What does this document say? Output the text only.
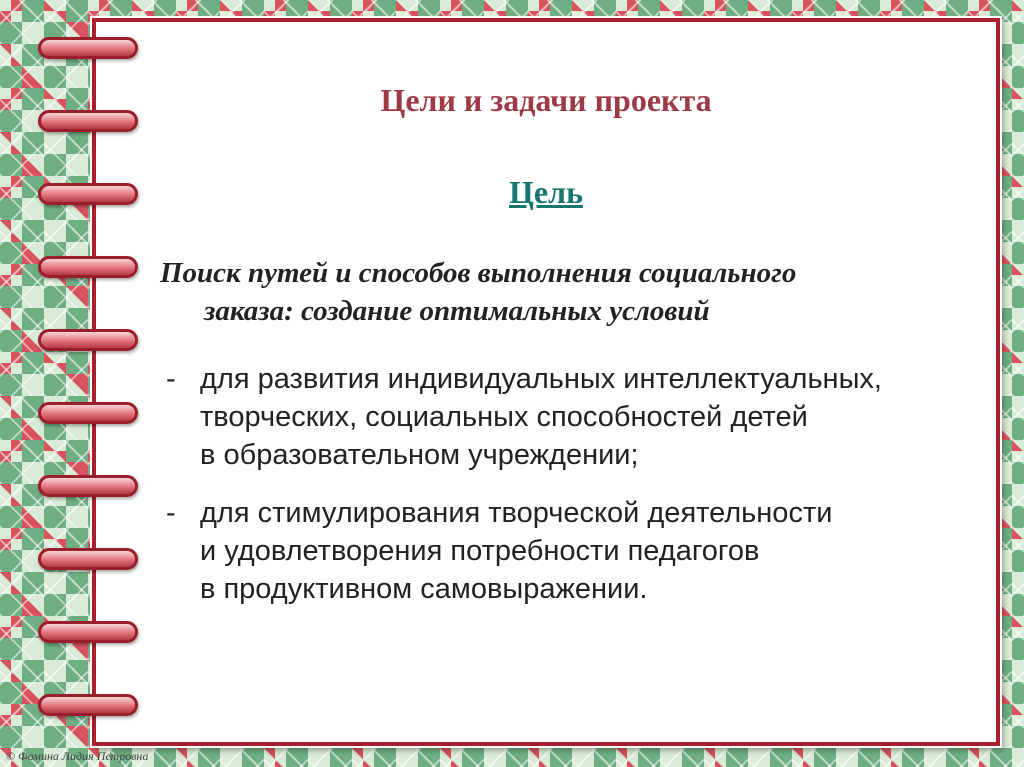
Цели и задачи проекта
Цель
Поиск путей и способов выполнения социального
заказа: создание оптимальных условий
- для развития индивидуальных интеллектуальных,
творческих, социальных способностей детей
в образовательном учреждении;
- для стимулирования творческой деятельности
и удовлетворения потребности педагогов
в продуктивном самовыражении.
© Фомина Лидия Петровна
